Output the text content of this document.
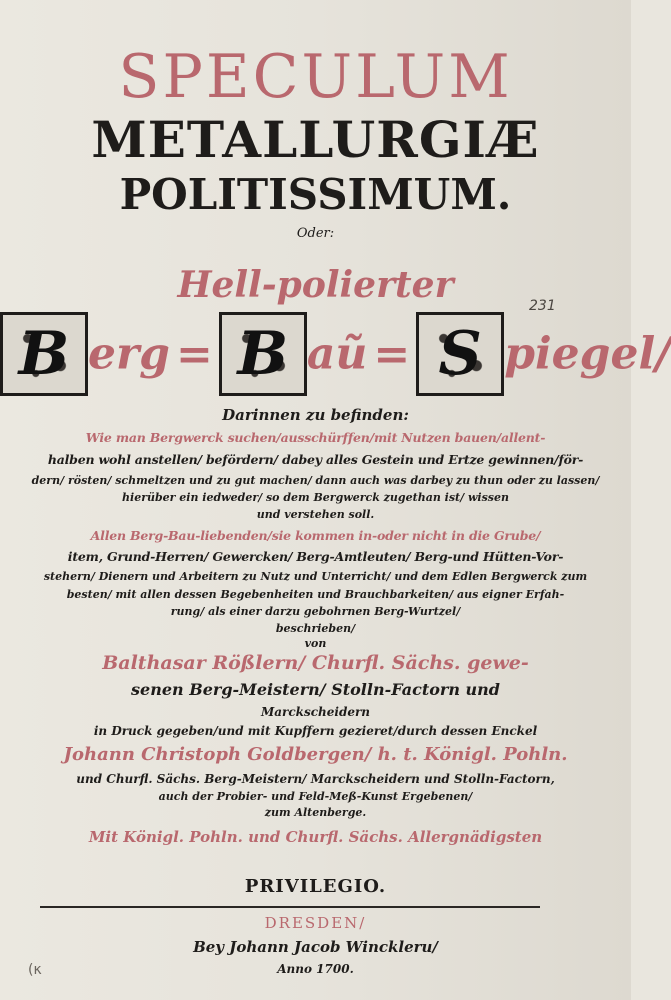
SPECULUM
METALLURGIÆ
POLITISSIMUM.
Oder:
Hell-polierter	231
B erg = B aũ = S piegel/
Darinnen zu befinden:
Wie man Bergwerck suchen/ausschürffen/mit Nutzen bauen/allent-
halben wohl anstellen/ befördern/ dabey alles Gestein und Ertze gewinnen/för-
dern/ rösten/ schmeltzen und zu gut machen/ dann auch was darbey zu thun oder zu lassen/
hierüber ein iedweder/ so dem Bergwerck zugethan ist/ wissen
und verstehen soll.
Allen Berg-Bau-liebenden/sie kommen in-oder nicht in die Grube/
item, Grund-Herren/ Gewercken/ Berg-Amtleuten/ Berg-und Hütten-Vor-
stehern/ Dienern und Arbeitern zu Nutz und Unterricht/ und dem Edlen Bergwerck zum
besten/ mit allen dessen Begebenheiten und Brauchbarkeiten/ aus eigner Erfah-
rung/ als einer darzu gebohrnen Berg-Wurtzel/
beschrieben/
von
Balthasar Rößlern/ Churfl. Sächs. gewe-
senen Berg-Meistern/ Stolln-Factorn und
Marckscheidern
in Druck gegeben/und mit Kupffern gezieret/durch dessen Enckel
Johann Christoph Goldbergen/ h. t. Königl. Pohln.
und Churfl. Sächs. Berg-Meistern/ Marckscheidern und Stolln-Factorn,
auch der Probier- und Feld-Meß-Kunst Ergebenen/
zum Altenberge.
Mit Königl. Pohln. und Churfl. Sächs. Allergnädigsten
PRIVILEGIO.
DRESDEN/
Bey Johann Jacob Winckleru/
Anno 1700.
(κ
